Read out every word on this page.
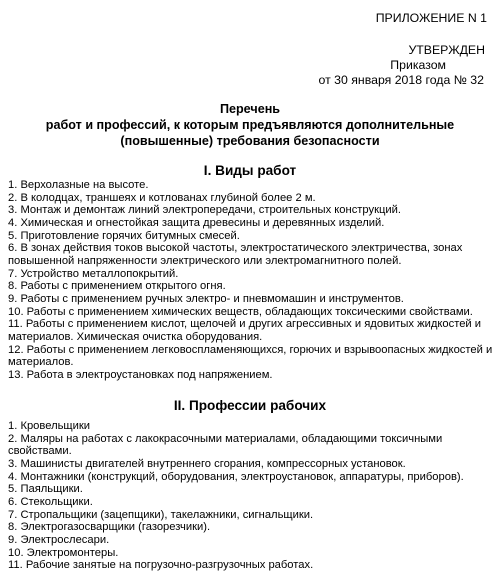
ПРИЛОЖЕНИЕ N 1
УТВЕРЖДЕН
Приказом
от 30 января 2018 года № 32
Перечень
работ и профессий, к которым предъявляются дополнительные
(повышенные) требования безопасности
I. Виды работ
1. Верхолазные на высоте.
2. В колодцах, траншеях и котлованах глубиной более 2 м.
3. Монтаж и демонтаж линий электропередачи, строительных конструкций.
4. Химическая и огнестойкая защита древесины и деревянных изделий.
5. Приготовление горячих битумных смесей.
6. В зонах действия токов высокой частоты, электростатического электричества, зонах
повышенной напряженности электрического или электромагнитного полей.
7. Устройство металлопокрытий.
8. Работы с применением открытого огня.
9. Работы с применением ручных электро- и пневмомашин и инструментов.
10. Работы с применением химических веществ, обладающих токсическими свойствами.
11. Работы с применением кислот, щелочей и других агрессивных и ядовитых жидкостей и
материалов. Химическая очистка оборудования.
12. Работы с применением легковоспламеняющихся, горючих и взрывоопасных жидкостей и
материалов.
13. Работа в электроустановках под напряжением.
II. Профессии рабочих
1. Кровельщики
2. Маляры на работах с лакокрасочными материалами, обладающими токсичными свойствами.
3. Машинисты двигателей внутреннего сгорания, компрессорных установок.
4. Монтажники (конструкций, оборудования, электроустановок, аппаратуры, приборов).
5. Паяльщики.
6. Стекольщики.
7. Стропальщики (зацепщики), такелажники, сигнальщики.
8. Электрогазосварщики (газорезчики).
9. Электрослесари.
10. Электромонтеры.
11. Рабочие занятые на погрузочно-разгрузочных работах.
